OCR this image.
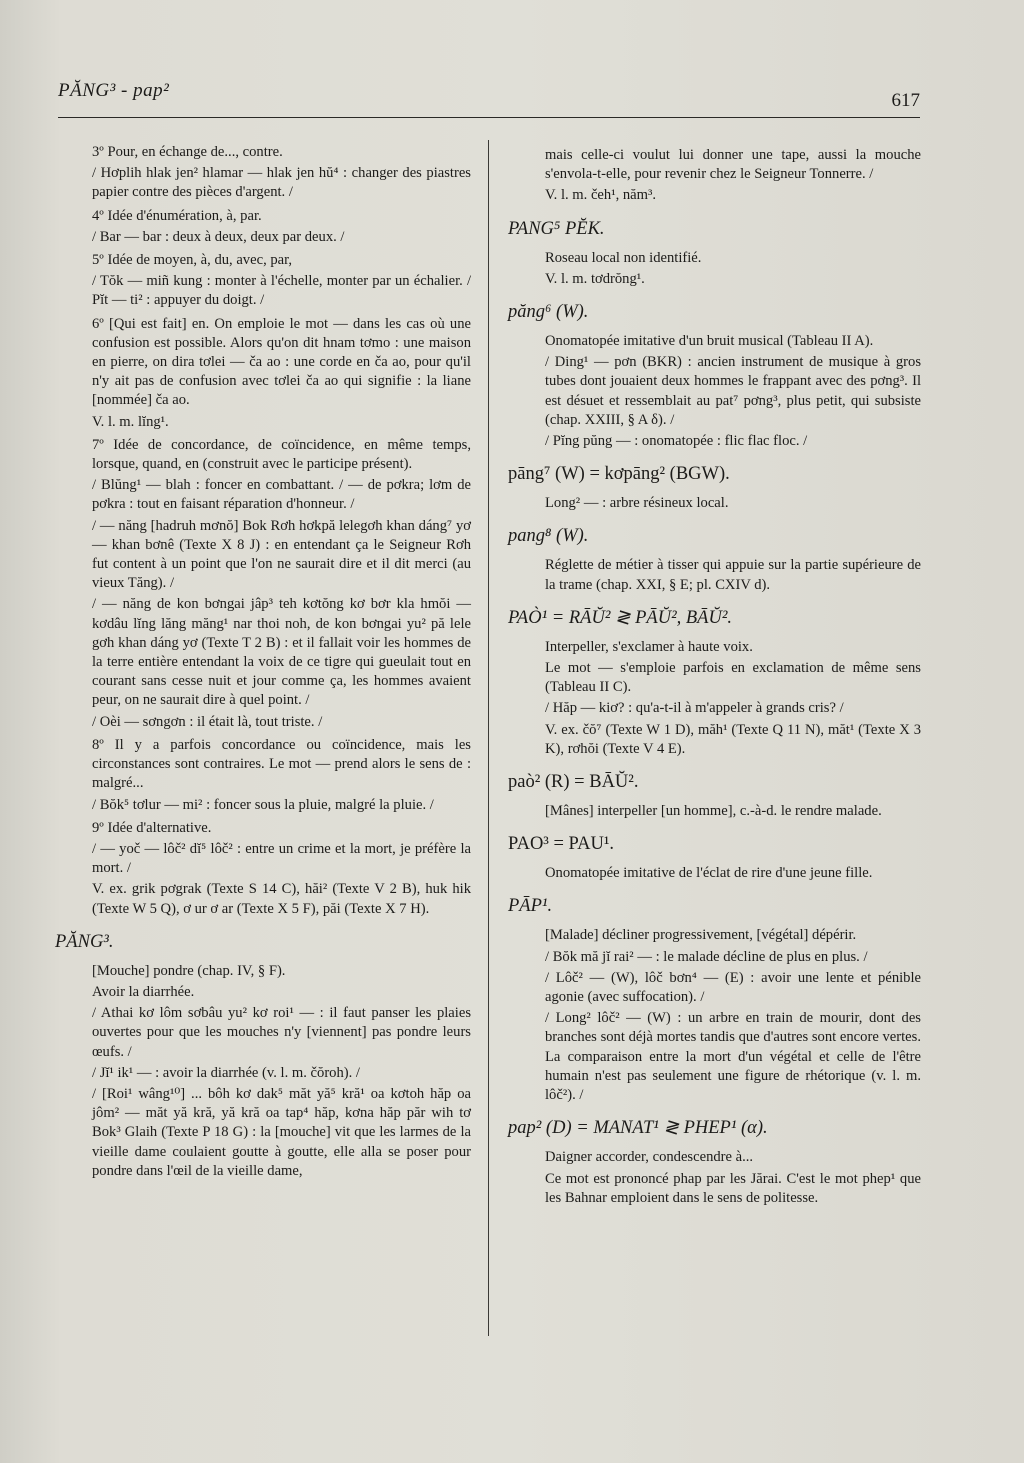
PĂNG³ - pap²	617

3º Pour, en échange de..., contre.

/ Hơplih hlak jen² hlamar — hlak jen hŭ⁴ : changer des piastres papier contre des pièces d'argent. /

4º Idée d'énumération, à, par.

/ Bar — bar : deux à deux, deux par deux. /

5º Idée de moyen, à, du, avec, par,

/ Tŏk — miñ kung : monter à l'échelle, monter par un échalier. / Pĭt — ti² : appuyer du doigt. /

6º [Qui est fait] en. On emploie le mot — dans les cas où une confusion est possible. Alors qu'on dit hnam tơmo : une maison en pierre, on dira tơlei — ča ao : une corde en ča ao, pour qu'il n'y ait pas de confusion avec tơlei ča ao qui signifie : la liane [nommée] ča ao.

V. l. m. lĭng¹.

7º Idée de concordance, de coïncidence, en même temps, lorsque, quand, en (construit avec le participe présent).

/ Blŭng¹ — blah : foncer en combattant. / — de pơkra; lơm de pơkra : tout en faisant réparation d'honneur. /

/ — năng [hadruh mơnŏ] Bok Rơh hơkpă lelegơh khan dáng⁷ yơ — khan bơnê (Texte X 8 J) : en entendant ça le Seigneur Rơh fut content à un point que l'on ne saurait dire et il dit merci (au vieux Tăng). /

/ — năng de kon bơngai jâp³ teh kơtŏng kơ bơr kla hmŏi — kơdâu lĭng lăng măng¹ nar thoi noh, de kon bơngai yu² pă lele gơh khan dáng yơ (Texte T 2 B) : et il fallait voir les hommes de la terre entière entendant la voix de ce tigre qui gueulait tout en courant sans cesse nuit et jour comme ça, les hommes avaient peur, on ne saurait dire à quel point. /

/ Oèi — sơngơn : il était là, tout triste. /

8º Il y a parfois concordance ou coïncidence, mais les circonstances sont contraires. Le mot — prend alors le sens de : malgré...

/ Bŏk⁵ tơlur — mi² : foncer sous la pluie, malgré la pluie. /

9º Idée d'alternative.

/ — yoč — lôč² dĭ⁵ lôč² : entre un crime et la mort, je préfère la mort. /

V. ex. grik pơgrak (Texte S 14 C), hăi² (Texte V 2 B), huk hik (Texte W 5 Q), ơ ur ơ ar (Texte X 5 F), păi (Texte X 7 H).

PĂNG³.

[Mouche] pondre (chap. IV, § F).

Avoir la diarrhée.

/ Athai kơ lôm sơbâu yu² kơ roi¹ — : il faut panser les plaies ouvertes pour que les mouches n'y [viennent] pas pondre leurs œufs. /

/ Jĭ¹ ik¹ — : avoir la diarrhée (v. l. m. čŏroh). /

/ [Roi¹ wâng¹⁰] ... bôh kơ dak⁵ măt yă⁵ kră¹ oa kơtoh hăp oa jôm² — măt yă kră, yă kră oa tap⁴ hăp, kơna hăp păr wih tơ Bok³ Glaih (Texte P 18 G) : la [mouche] vit que les larmes de la vieille dame coulaient goutte à goutte, elle alla se poser pour pondre dans l'œil de la vieille dame,

mais celle-ci voulut lui donner une tape, aussi la mouche s'envola-t-elle, pour revenir chez le Seigneur Tonnerre. /

V. l. m. čeh¹, năm³.

PANG⁵ PĔK.

Roseau local non identifié.

V. l. m. tơdrŏng¹.

păng⁶ (W).

Onomatopée imitative d'un bruit musical (Tableau II A).

/ Ding¹ — pơn (BKR) : ancien instrument de musique à gros tubes dont jouaient deux hommes le frappant avec des pơng³. Il est désuet et ressemblait au pat⁷ pơng³, plus petit, qui subsiste (chap. XXIII, § A δ). /

/ Pĭng pŭng — : onomatopée : flic flac floc. /

pāng⁷ (W) = kơpāng² (BGW).

Long² — : arbre résineux local.

pang⁸ (W).

Réglette de métier à tisser qui appuie sur la partie supérieure de la trame (chap. XXI, § E; pl. CXIV d).

PAÒ¹ = RĀŬ² ≷ PĀŬ², BĀŬ².

Interpeller, s'exclamer à haute voix.

Le mot — s'emploie parfois en exclamation de même sens (Tableau II C).

/ Hăp — kiơ? : qu'a-t-il à m'appeler à grands cris? /

V. ex. čŏ⁷ (Texte W 1 D), măh¹ (Texte Q 11 N), măt¹ (Texte X 3 K), rơhŏi (Texte V 4 E).

paò² (R) = BĀŬ².

[Mânes] interpeller [un homme], c.-à-d. le rendre malade.

PAO³ = PAU¹.

Onomatopée imitative de l'éclat de rire d'une jeune fille.

PĀP¹.

[Malade] décliner progressivement, [végétal] dépérir.

/ Bŏk mă jĭ rai² — : le malade décline de plus en plus. /

/ Lôč² — (W), lôč bơn⁴ — (E) : avoir une lente et pénible agonie (avec suffocation). /

/ Long² lôč² — (W) : un arbre en train de mourir, dont des branches sont déjà mortes tandis que d'autres sont encore vertes. La comparaison entre la mort d'un végétal et celle de l'être humain n'est pas seulement une figure de rhétorique (v. l. m. lôč²). /

pap² (D) = MANAT¹ ≷ PHEP¹ (α).

Daigner accorder, condescendre à...

Ce mot est prononcé phap par les Jărai. C'est le mot phep¹ que les Bahnar emploient dans le sens de politesse.
